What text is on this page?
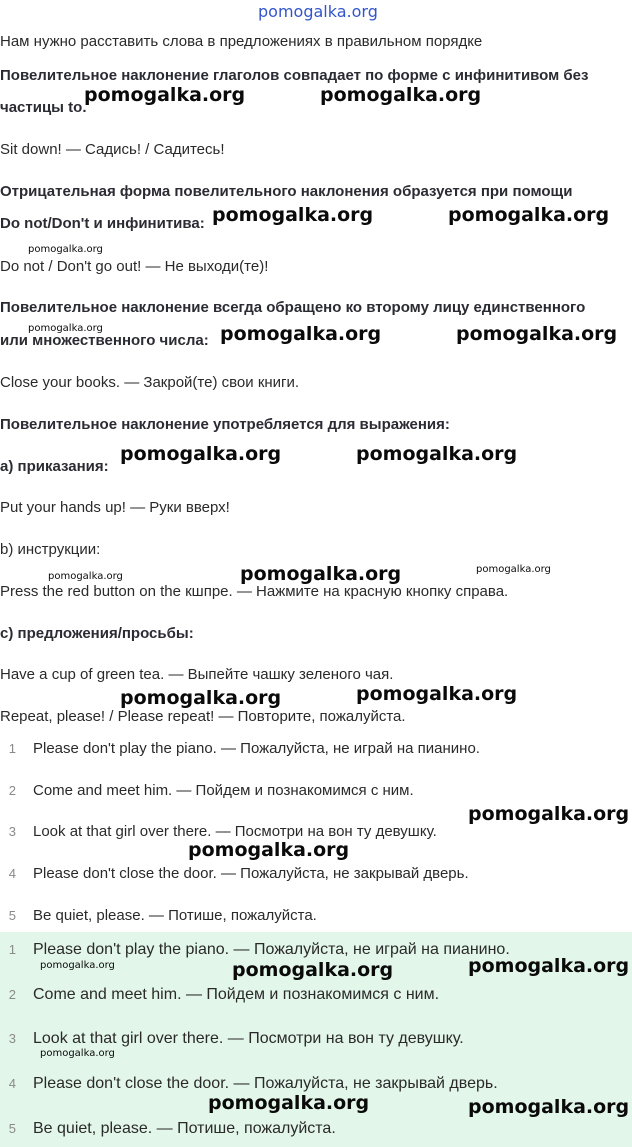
pomogalka.org

Нам нужно расставить слова в предложениях в правильном порядке

Повелительное наклонение глаголов совпадает по форме с инфинитивом без

частицы to.

Sit down! — Садись! / Садитесь!

Отрицательная форма повелительного наклонения образуется при помощи

Do not/Don't и инфинитива:

Do not / Don't go out! — Не выходи(те)!

Повелительное наклонение всегда обращено ко второму лицу единственного

или множественного числа:

Close your books. — Закрой(те) свои книги.

Повелительное наклонение употребляется для выражения:

a) приказания:

Put your hands up! — Руки вверх!

b) инструкции:

Press the red button on the кшпре. — Нажмите на красную кнопку справа.

c) предложения/просьбы:

Have a cup of green tea. — Выпейте чашку зеленого чая.

Repeat, please! / Please repeat! — Повторите, пожалуйста.

1 Please don't play the piano. — Пожалуйста, не играй на пианино.
2 Come and meet him. — Пойдем и познакомимся с ним.
3 Look at that girl over there. — Посмотри на вон ту девушку.
4 Please don't close the door. — Пожалуйста, не закрывай дверь.
5 Be quiet, please. — Потише, пожалуйста.
1 Please don't play the piano. — Пожалуйста, не играй на пианино.
2 Come and meet him. — Пойдем и познакомимся с ним.
3 Look at that girl over there. — Посмотри на вон ту девушку.
4 Please don't close the door. — Пожалуйста, не закрывай дверь.
5 Be quiet, please. — Потише, пожалуйста.
pomogalka.org	pomogalka.org
pomogalka.org	pomogalka.org
pomogalka.org
pomogalka.org	pomogalka.org	pomogalka.org
pomogalka.org	pomogalka.org
pomogalka.org	pomogalka.org	pomogalka.org
pomogalka.org	pomogalka.org
pomogalka.org
pomogalka.org
pomogalka.org	pomogalka.org	pomogalka.org
pomogalka.org
pomogalka.org	pomogalka.org
